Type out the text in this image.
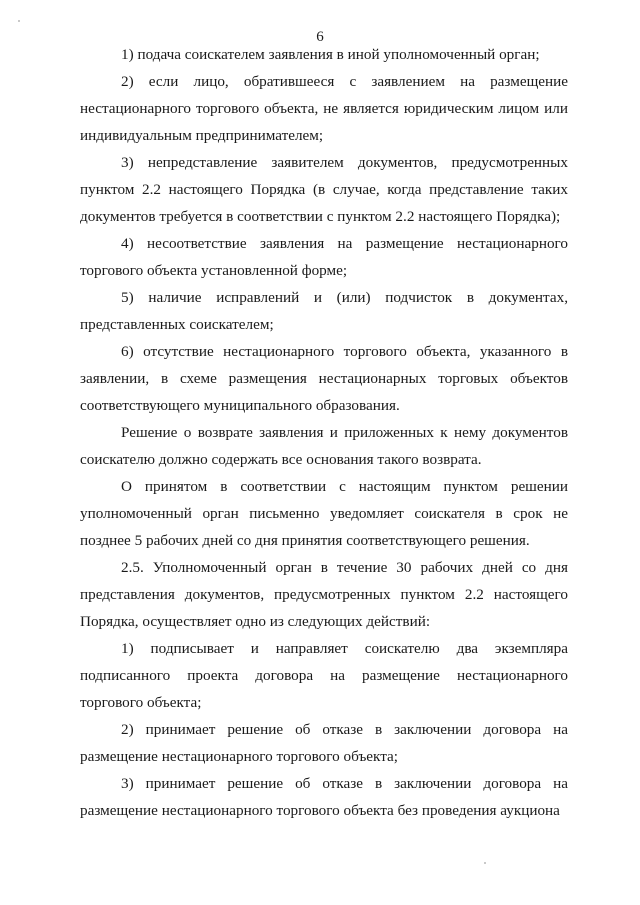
6

1) подача соискателем заявления в иной уполномоченный орган;

2) если лицо, обратившееся с заявлением на размещение нестационарного торгового объекта, не является юридическим лицом или индивидуальным предпринимателем;

3) непредставление заявителем документов, предусмотренных пунктом 2.2 настоящего Порядка (в случае, когда представление таких документов требуется в соответствии с пунктом 2.2 настоящего Порядка);

4) несоответствие заявления на размещение нестационарного торгового объекта установленной форме;

5) наличие исправлений и (или) подчисток в документах, представленных соискателем;

6) отсутствие нестационарного торгового объекта, указанного в заявлении, в схеме размещения нестационарных торговых объектов соответствующего муниципального образования.

Решение о возврате заявления и приложенных к нему документов соискателю должно содержать все основания такого возврата.

О принятом в соответствии с настоящим пунктом решении уполномоченный орган письменно уведомляет соискателя в срок не позднее 5 рабочих дней со дня принятия соответствующего решения.

2.5. Уполномоченный орган в течение 30 рабочих дней со дня представления документов, предусмотренных пунктом 2.2 настоящего Порядка, осуществляет одно из следующих действий:

1) подписывает и направляет соискателю два экземпляра подписанного проекта договора на размещение нестационарного торгового объекта;

2) принимает решение об отказе в заключении договора на размещение нестационарного торгового объекта;

3) принимает решение об отказе в заключении договора на размещение нестационарного торгового объекта без проведения аукциона
